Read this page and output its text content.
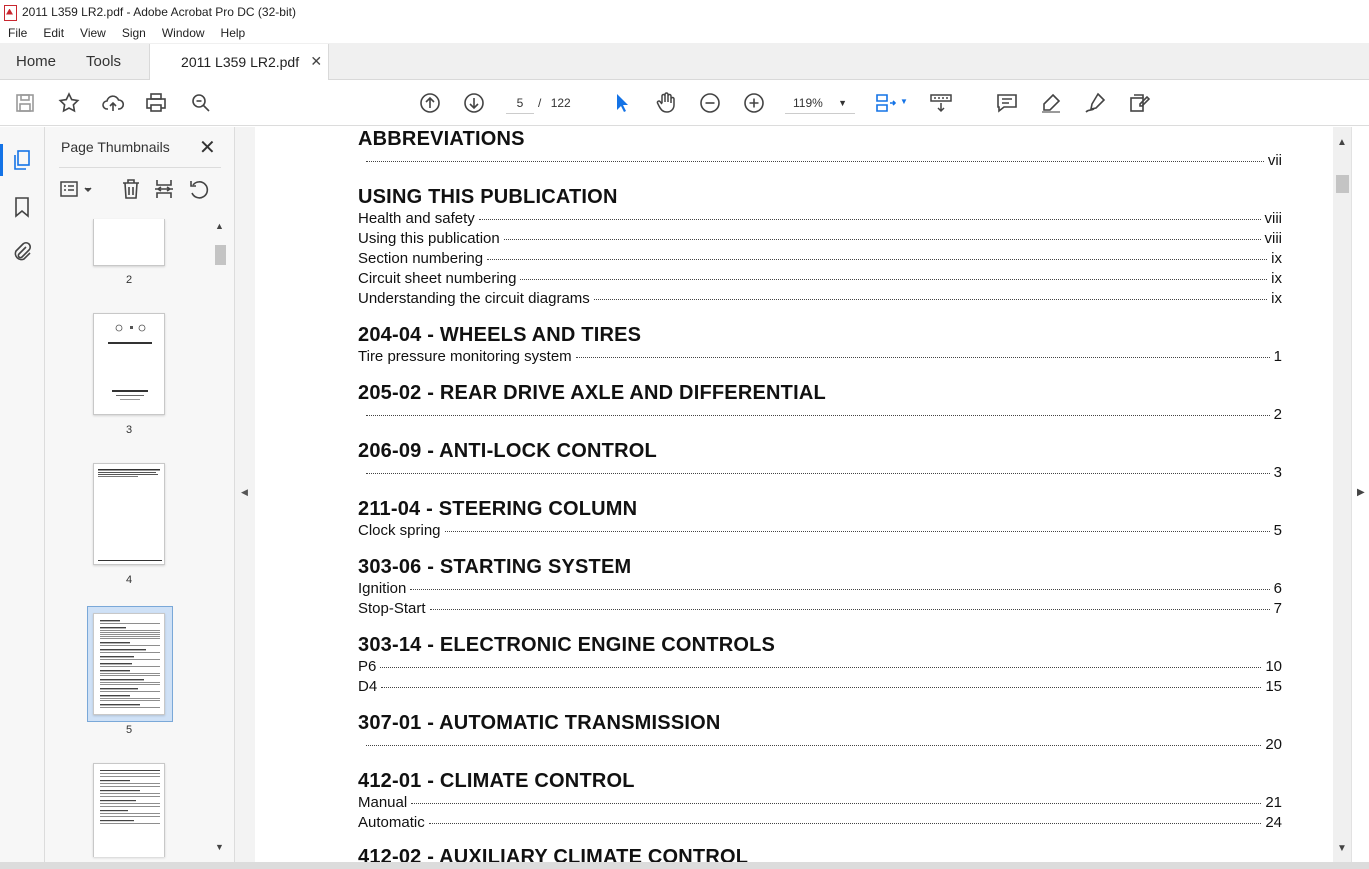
2011 L359 LR2.pdf - Adobe Acrobat Pro DC (32-bit)
File	Edit	View	Sign	Window	Help
Home	Tools	2011 L359 LR2.pdf ✕
5	/ 122	119% ▼	▼
Page Thumbnails ✕
▲
▼
2
3
4
5
◀
ABBREVIATIONS
vii
USING THIS PUBLICATION
Health and safety	viii
Using this publication	viii
Section numbering	ix
Circuit sheet numbering	ix
Understanding the circuit diagrams	ix
204-04 - WHEELS AND TIRES
Tire pressure monitoring system	1
205-02 - REAR DRIVE AXLE AND DIFFERENTIAL
2
206-09 - ANTI-LOCK CONTROL
3
211-04 - STEERING COLUMN
Clock spring	5
303-06 - STARTING SYSTEM
Ignition	6
Stop-Start	7
303-14 - ELECTRONIC ENGINE CONTROLS
P6	10
D4	15
307-01 - AUTOMATIC TRANSMISSION
20
412-01 - CLIMATE CONTROL
Manual	21
Automatic	24
412-02 - AUXILIARY CLIMATE CONTROL
▲
▼
▶
